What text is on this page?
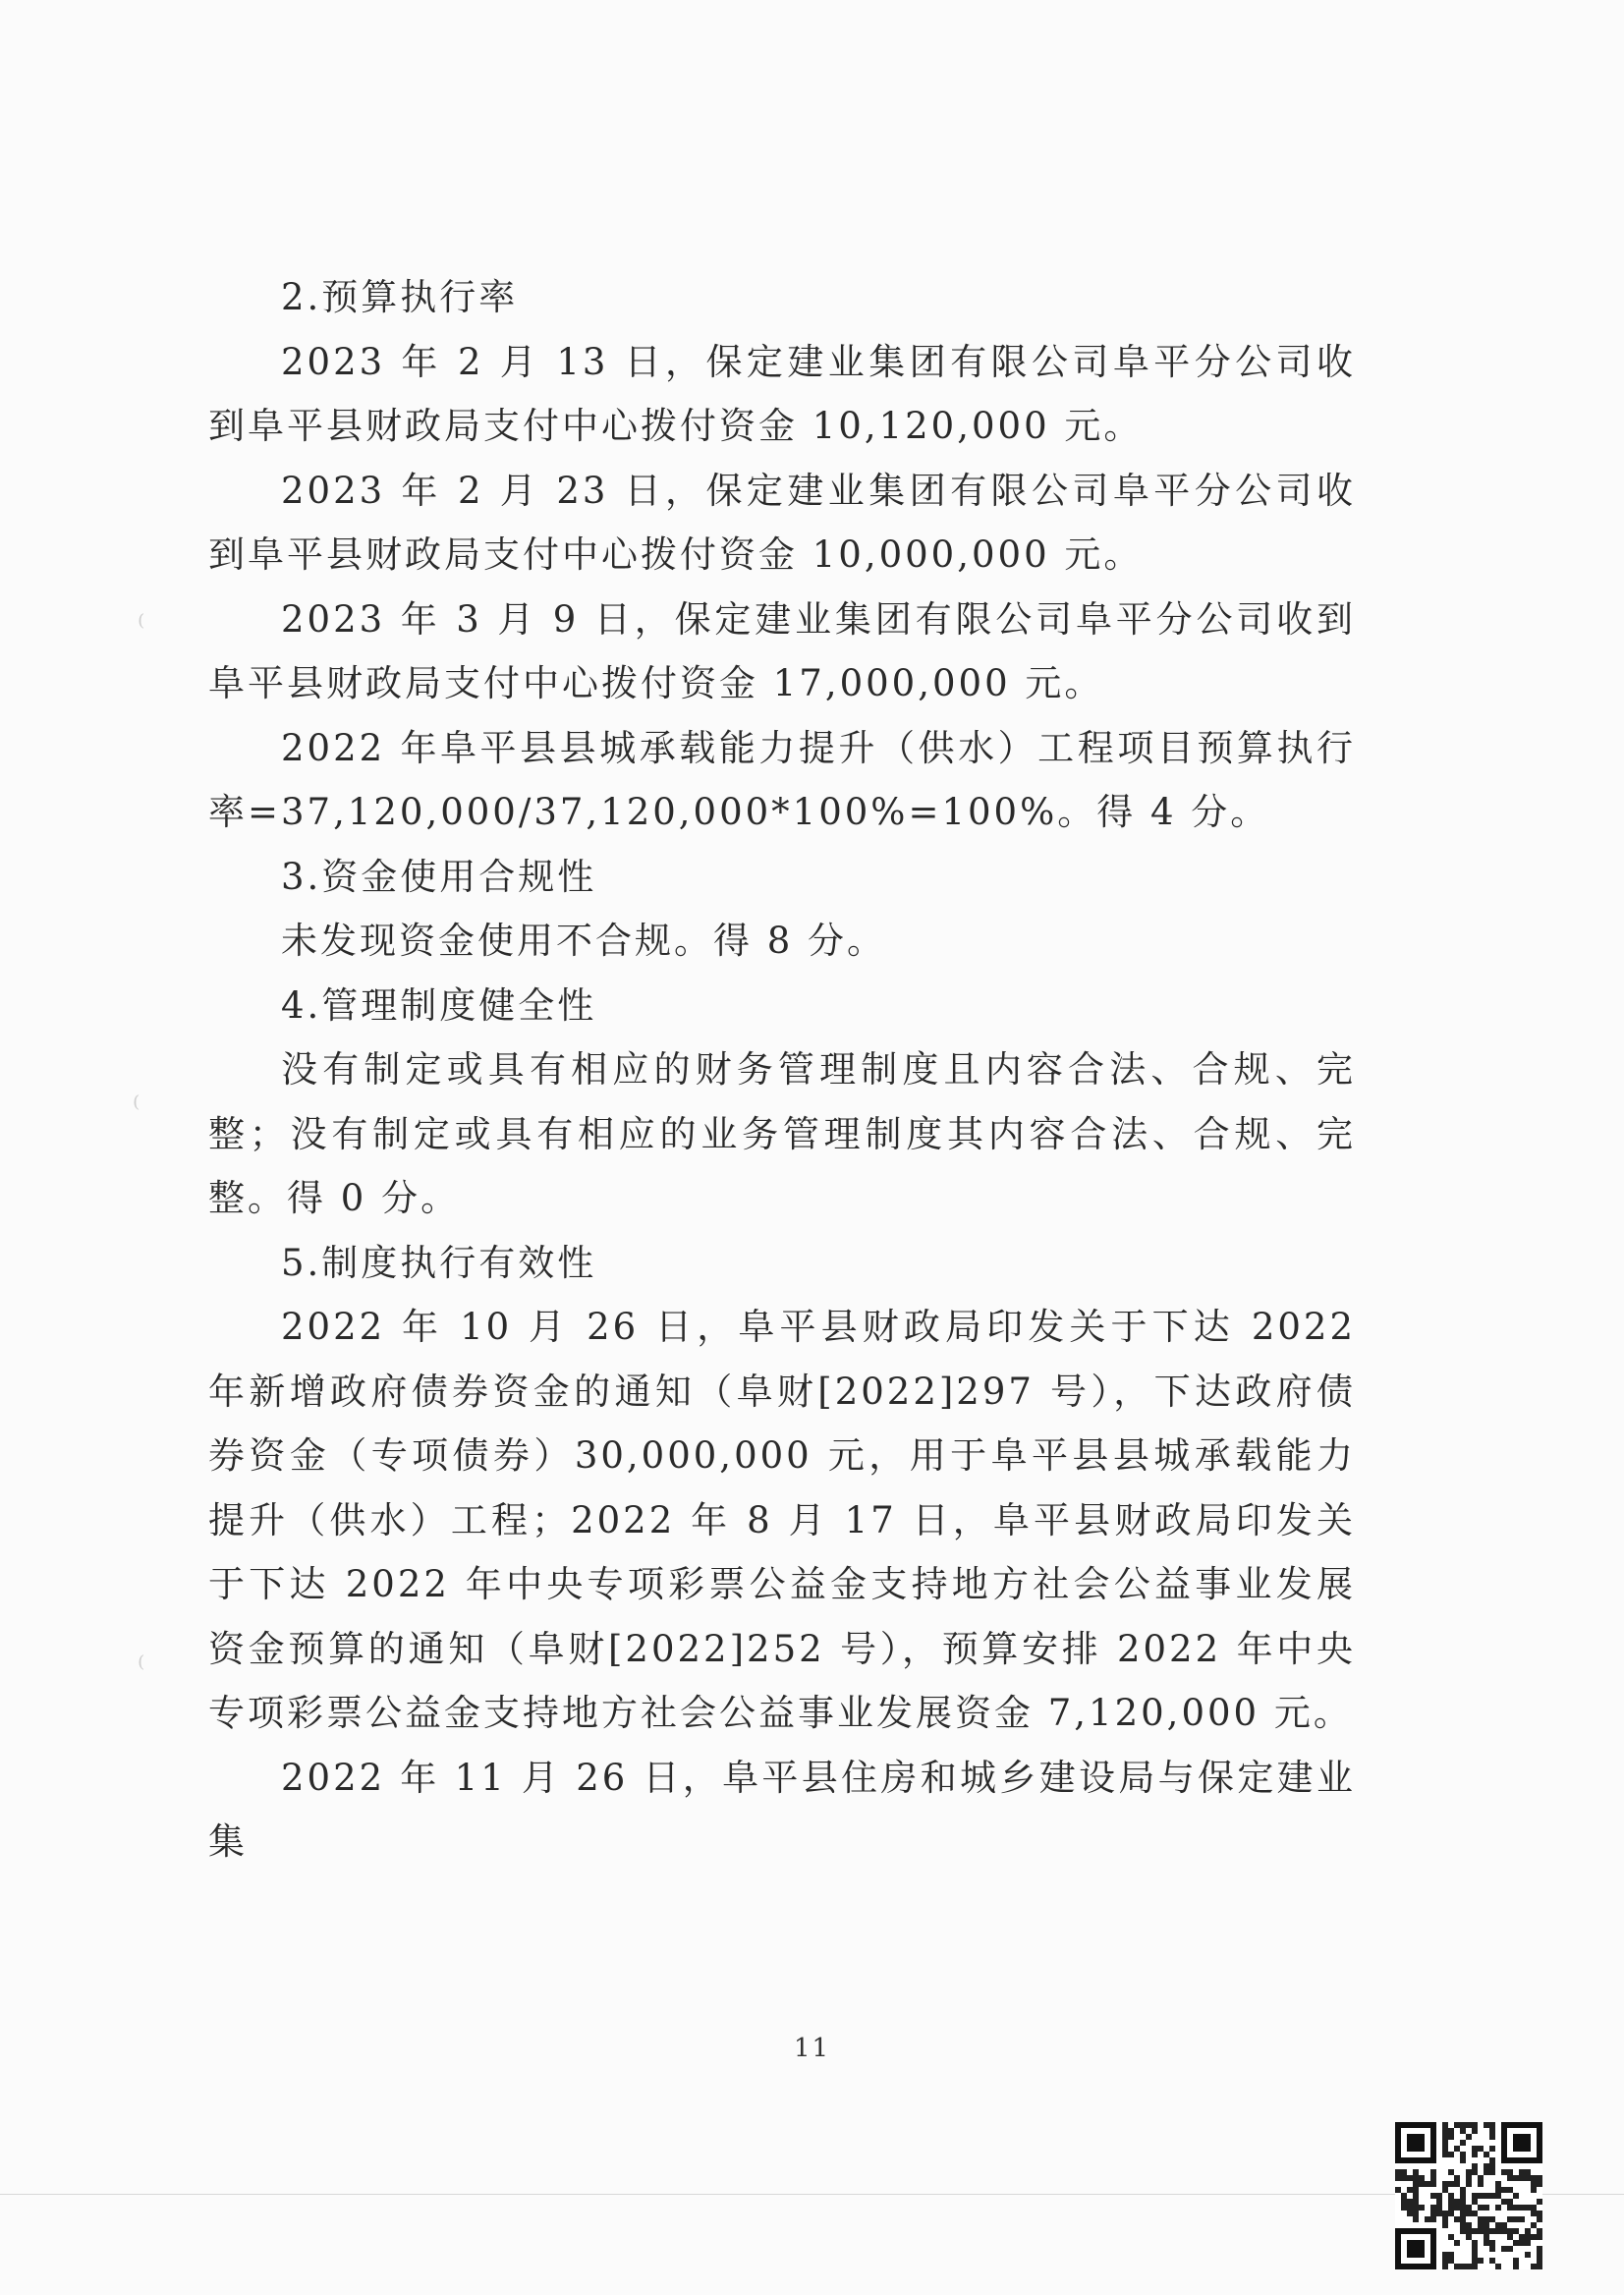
2.预算执行率

2023 年 2 月 13 日，保定建业集团有限公司阜平分公司收到阜平县财政局支付中心拨付资金 10,120,000 元。

2023 年 2 月 23 日，保定建业集团有限公司阜平分公司收到阜平县财政局支付中心拨付资金 10,000,000 元。

2023 年 3 月 9 日，保定建业集团有限公司阜平分公司收到阜平县财政局支付中心拨付资金 17,000,000 元。

2022 年阜平县县城承载能力提升（供水）工程项目预算执行率=37,120,000/37,120,000*100%=100%。得 4 分。

3.资金使用合规性

未发现资金使用不合规。得 8 分。

4.管理制度健全性

没有制定或具有相应的财务管理制度且内容合法、合规、完整；没有制定或具有相应的业务管理制度其内容合法、合规、完整。得 0 分。

5.制度执行有效性

2022 年 10 月 26 日，阜平县财政局印发关于下达 2022 年新增政府债券资金的通知（阜财[2022]297 号），下达政府债券资金（专项债券）30,000,000 元，用于阜平县县城承载能力提升（供水）工程；2022 年 8 月 17 日，阜平县财政局印发关于下达 2022 年中央专项彩票公益金支持地方社会公益事业发展资金预算的通知（阜财[2022]252 号），预算安排 2022 年中央专项彩票公益金支持地方社会公益事业发展资金 7,120,000 元。

2022 年 11 月 26 日，阜平县住房和城乡建设局与保定建业集

11
⁽
⁽
⁽
